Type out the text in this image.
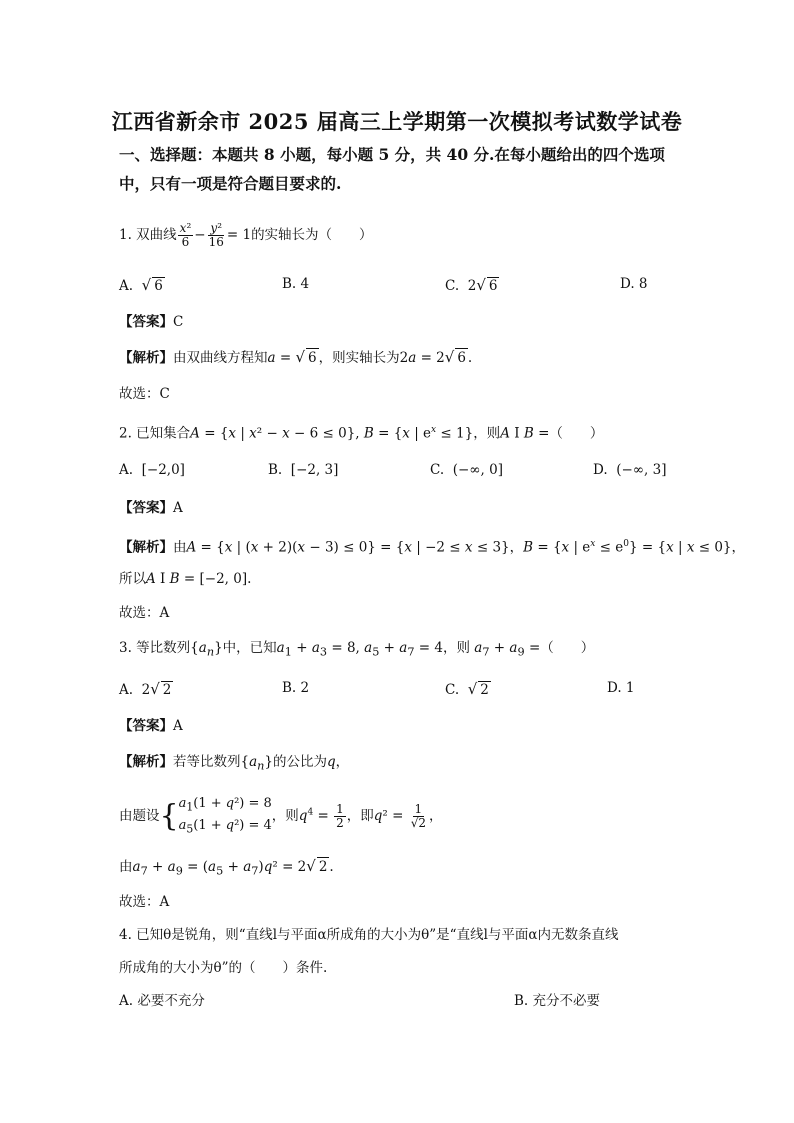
江西省新余市 2025 届高三上学期第一次模拟考试数学试卷
一、选择题：本题共 8 小题，每小题 5 分，共 40 分.在每小题给出的四个选项
中，只有一项是符合题目要求的.
1. 双曲线 $\frac{\text{x²}}{6} - \frac{\text{y²}}{16} = 1$的实轴长为（　　）
A. √ 6	B. 4	C.  2√ 6	D. 8
【答案】C
【解析】由双曲线方程知a = √ 6 ，则实轴长为2a = 2√ 6 .
故选：C
2. 已知集合A = {x | x² − x − 6 ≤ 0}, B = {x | $e^x \le 1$}，则A I B =（　　）
A.  [−2,0]	B.  [−2, 3]	C.  (−∞, 0]	D.  (−∞, 3]
【答案】A
【解析】由A = {x | (x + 2)(x − 3) ≤ 0} = {x | −2 ≤ x ≤ 3}，B = {x | $e^x \le e^0\} = \{x$ | x ≤ 0}，
所以A I B = [−2, 0].
故选：A
3. 等比数列$\{a_n\}$中，已知$a_1 + a_3 = 8$, $a_5 + a_7 = 4$，则 $a_7 + a_9$ =（　　）
A.  2√ 2	B. 2	C. √ 2	D. 1
【答案】A
【解析】若等比数列$\{a_n\}$的公比为q，
由题设{ $a_1(1 + q^2) = 8$
$a_5(1 + q^2) = 4$
，则$q^4 = \frac{1}{2}$ ，即$q^2 = \frac{1}{√2}$ ，
由$a_7 + a_9 = (a_5 + a_7)q^2 = 2√$ 2 .
故选：A
4. 已知θ是锐角，则“直线l与平面α所成角的大小为θ”是“直线l与平面α内无数条直线
所成角的大小为θ”的（　　）条件.
A. 必要不充分	B. 充分不必要
